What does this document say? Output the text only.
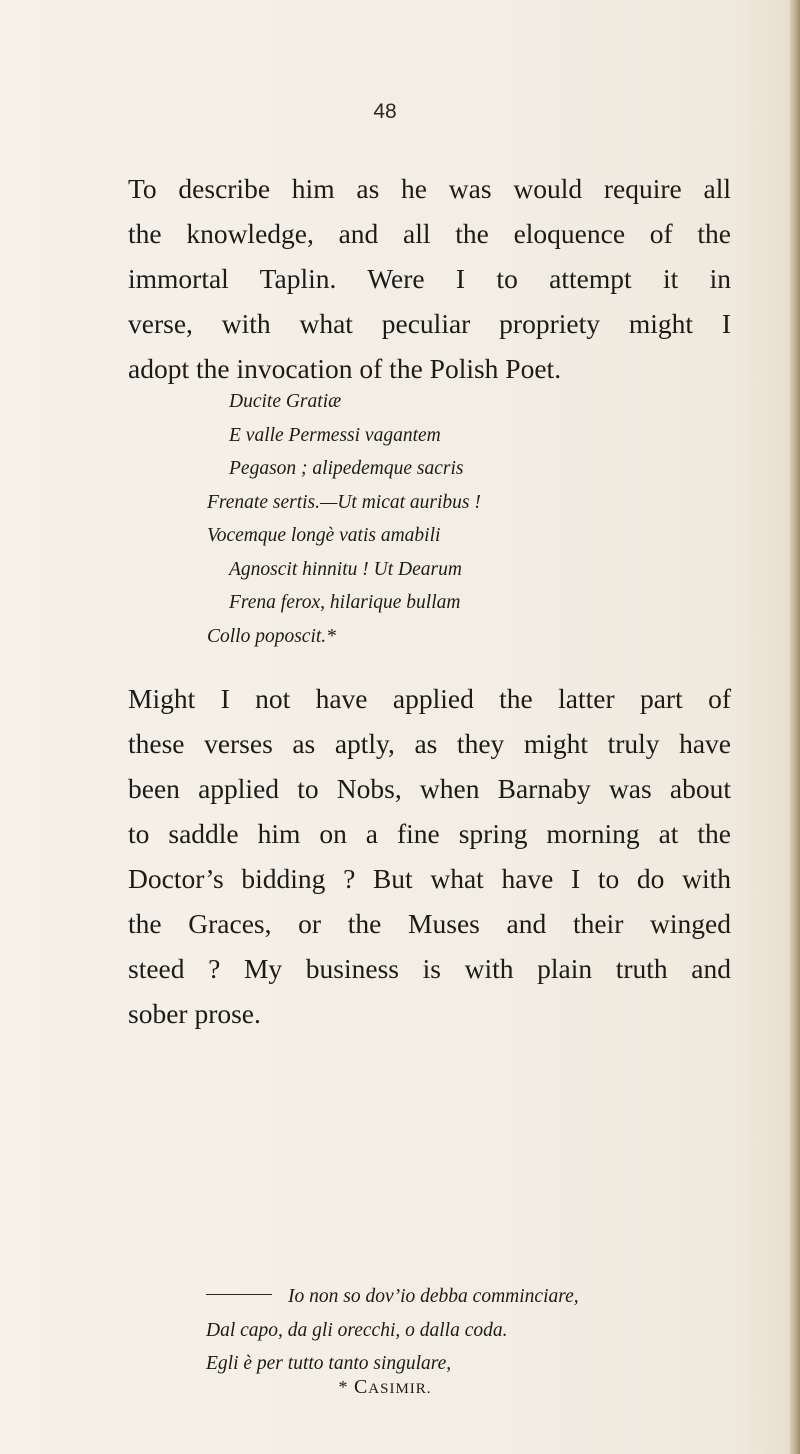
48

To describe him as he was would require all
the knowledge, and all the eloquence of the
immortal Taplin. Were I to attempt it in
verse, with what peculiar propriety might I
adopt the invocation of the Polish Poet.

Ducite Gratiæ
E valle Permessi vagantem
Pegason ; alipedemque sacris
Frenate sertis.—Ut micat auribus !
Vocemque longè vatis amabili
Agnoscit hinnitu ! Ut Dearum
Frena ferox, hilarique bullam
Collo poposcit.*

Might I not have applied the latter part of
these verses as aptly, as they might truly have
been applied to Nobs, when Barnaby was about
to saddle him on a fine spring morning at the
Doctor’s bidding ? But what have I to do with
the Graces, or the Muses and their winged
steed ? My business is with plain truth and
sober prose.

Io non so dov’io debba comminciare,
Dal capo, da gli orecchi, o dalla coda.
Egli è per tutto tanto singulare,
* CASIMIR.
